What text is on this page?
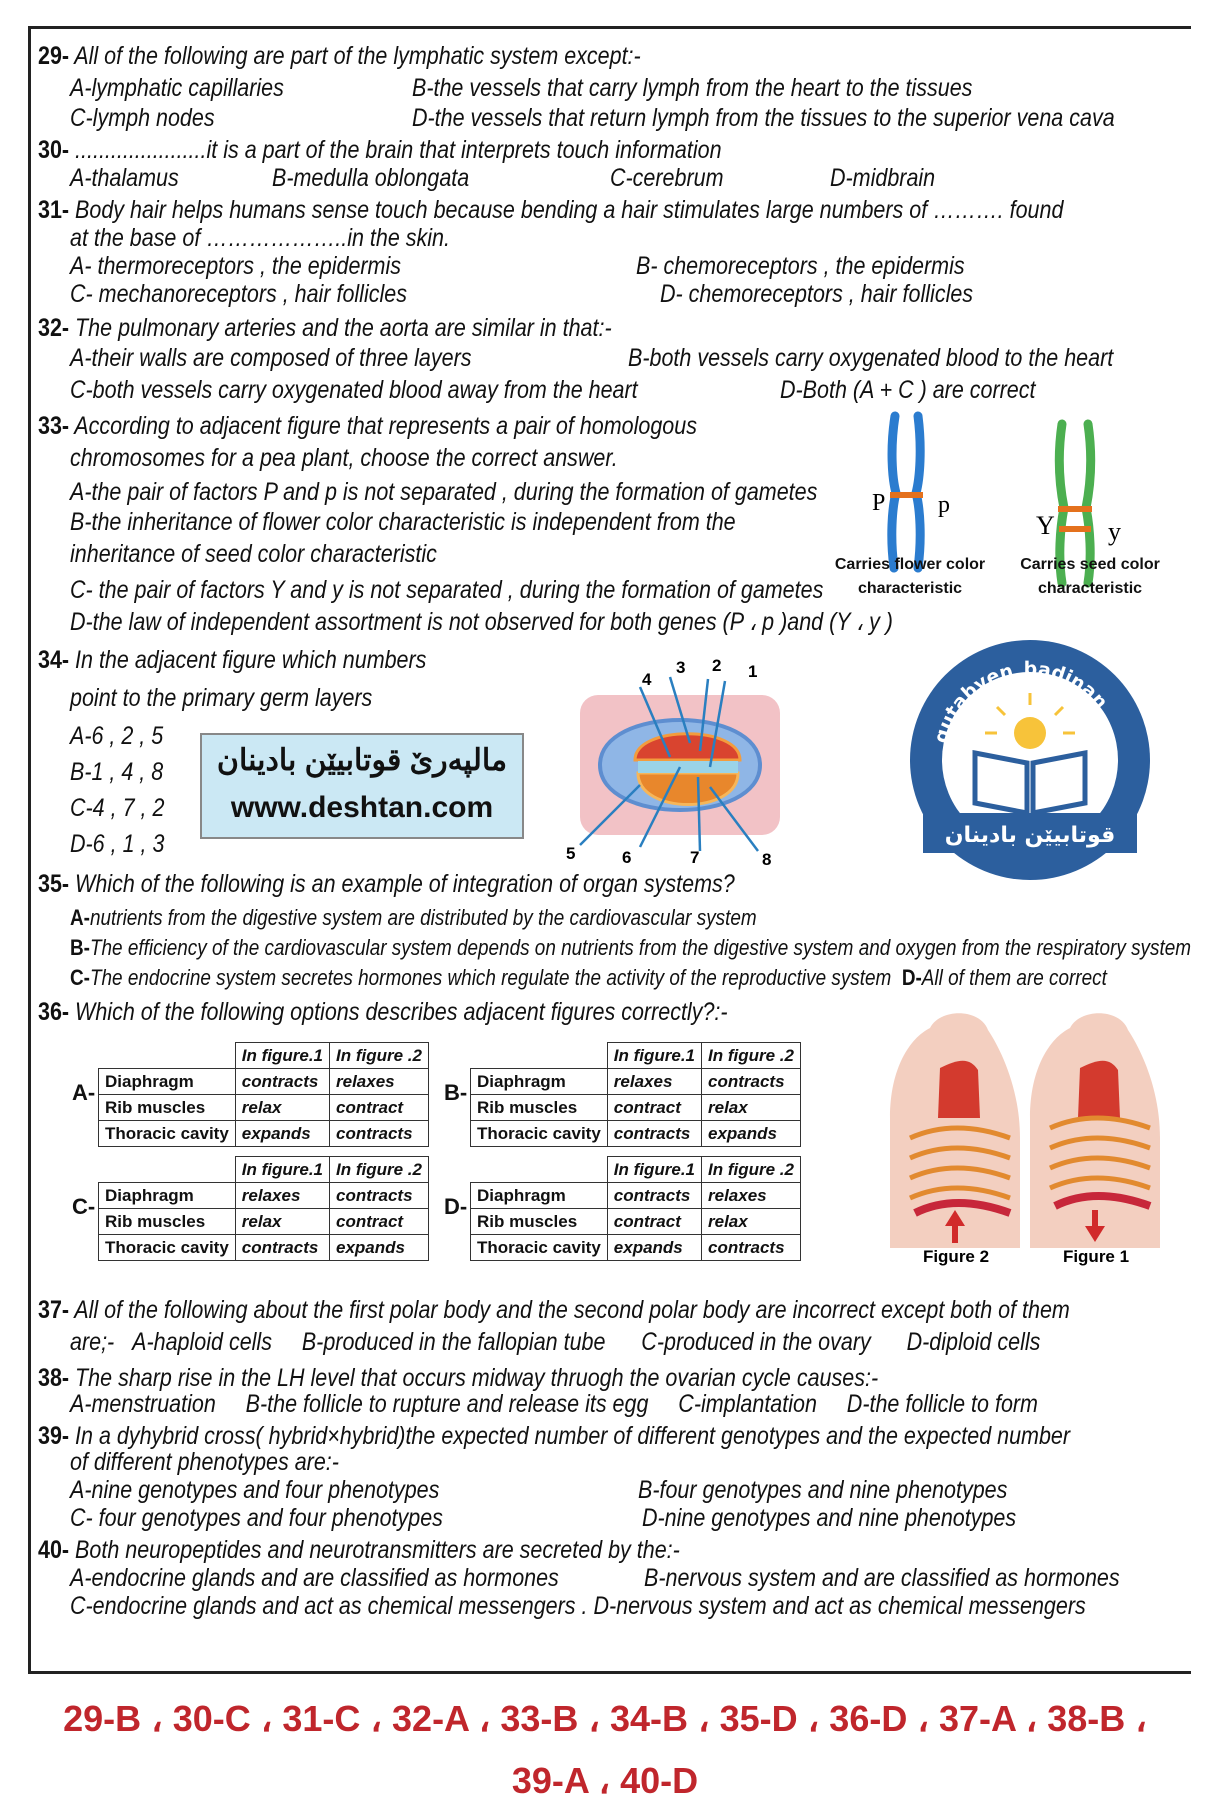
29- All of the following are part of the lymphatic system except:-
A-lymphatic capillaries	B-the vessels that carry lymph from the heart to the tissues
C-lymph nodes	D-the vessels that return lymph from the tissues to the superior vena cava
30- ......................it is a part of the brain that interprets touch information
A-thalamus	B-medulla oblongata	C-cerebrum	D-midbrain
31- Body hair helps humans sense touch because bending a hair stimulates large numbers of ………. found
at the base of ………………..in the skin.
A- thermoreceptors , the epidermis	B- chemoreceptors , the epidermis
C- mechanoreceptors , hair follicles	D- chemoreceptors , hair follicles
32- The pulmonary arteries and the aorta are similar in that:-
A-their walls are composed of three layers	B-both vessels carry oxygenated blood to the heart
C-both vessels carry oxygenated blood away from the heart	D-Both (A + C ) are correct
33- According to adjacent figure that represents a pair of homologous
chromosomes for a pea plant, choose the correct answer.
A-the pair of factors P and p is not separated , during the formation of gametes
B-the inheritance of flower color characteristic is independent from the
inheritance of seed color characteristic
C- the pair of factors Y and y is not separated , during the formation of gametes
D-the law of independent assortment is not observed for both genes (P ، p )and (Y ، y )
P p
Y y
Carries flower color
characteristic
Carries seed color
characteristic
34- In the adjacent figure which numbers
point to the primary germ layers
A-6 , 2 , 5
B-1 , 4 , 8
C-4 , 7 , 2
D-6 , 1 , 3
مالپەرێ قوتابیێن بادینان
www.deshtan.com
1
2
3
4
5	6	7	8
qutabyen_badinan
قوتابیێن بادینان
35- Which of the following is an example of integration of organ systems?
A-nutrients from the digestive system are distributed by the cardiovascular system
B-The efficiency of the cardiovascular system depends on nutrients from the digestive system and oxygen from the respiratory system
C-The endocrine system secretes hormones which regulate the activity of the reproductive system D-All of them are correct
36- Which of the following options describes adjacent figures correctly?:-
A-
	In figure.1	In figure .2
Diaphragm	contracts	relaxes
Rib muscles	relax	contract
Thoracic cavity	expands	contracts
B-
	In figure.1	In figure .2
Diaphragm	relaxes	contracts
Rib muscles	contract	relax
Thoracic cavity	contracts	expands
C-
	In figure.1	In figure .2
Diaphragm	relaxes	contracts
Rib muscles	relax	contract
Thoracic cavity	contracts	expands
D-
	In figure.1	In figure .2
Diaphragm	contracts	relaxes
Rib muscles	contract	relax
Thoracic cavity	expands	contracts	Figure 2	Figure 1
37- All of the following about the first polar body and the second polar body are incorrect except both of them
are;- A-haploid cells B-produced in the fallopian tube C-produced in the ovary D-diploid cells
38- The sharp rise in the LH level that occurs midway thruogh the ovarian cycle causes:-
A-menstruation B-the follicle to rupture and release its egg C-implantation D-the follicle to form
39- In a dyhybrid cross( hybrid×hybrid)the expected number of different genotypes and the expected number
of different phenotypes are:-
A-nine genotypes and four phenotypes	B-four genotypes and nine phenotypes
C- four genotypes and four phenotypes	D-nine genotypes and nine phenotypes
40- Both neuropeptides and neurotransmitters are secreted by the:-
A-endocrine glands and are classified as hormones	B-nervous system and are classified as hormones
C-endocrine glands and act as chemical messengers . D-nervous system and act as chemical messengers
29-B ، 30-C ، 31-C ، 32-A ، 33-B ، 34-B ، 35-D ، 36-D ، 37-A ، 38-B ،
39-A ، 40-D
